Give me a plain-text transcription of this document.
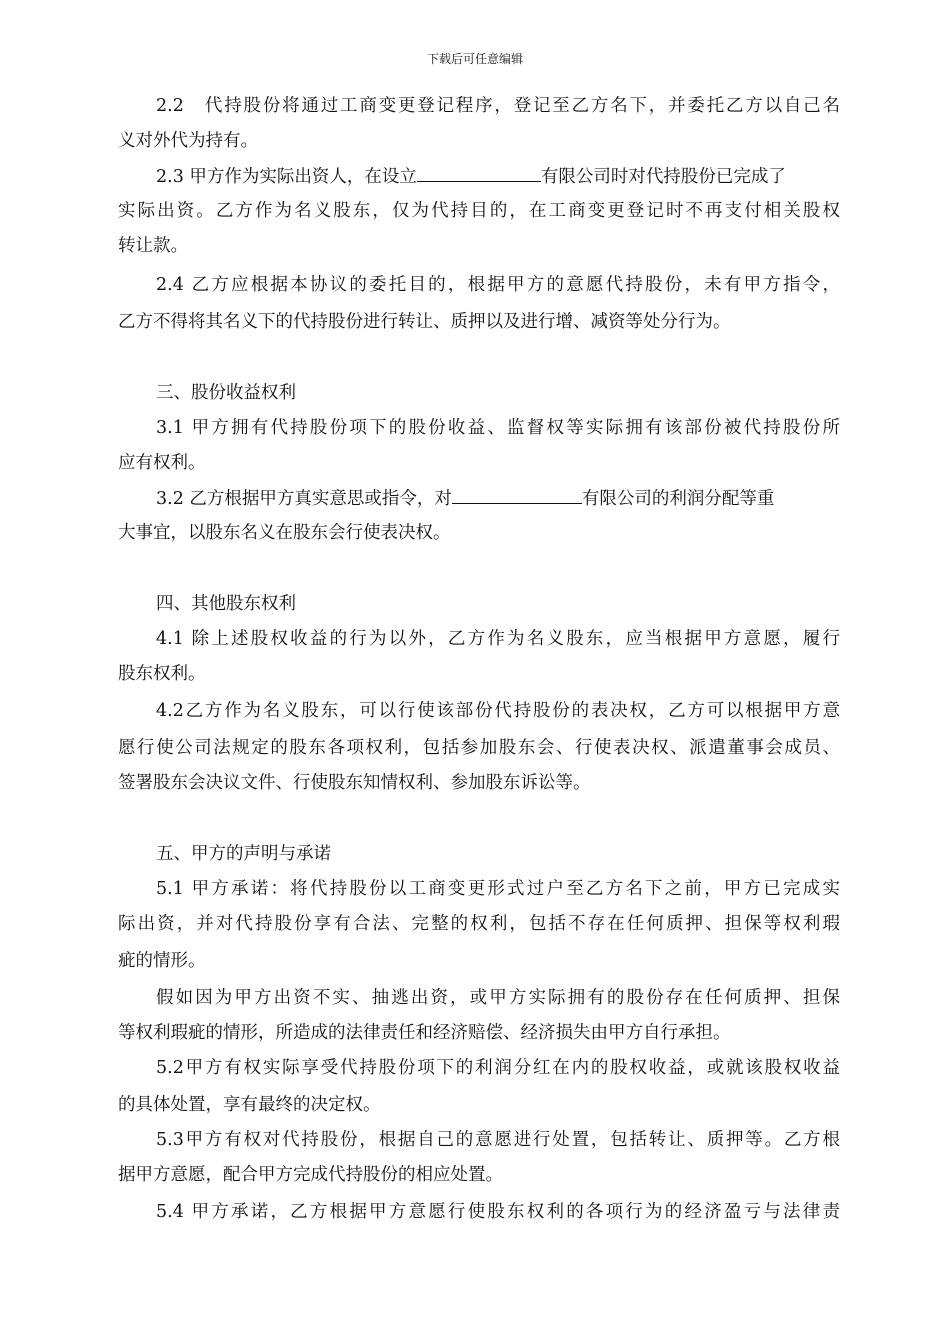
下载后可任意编辑
2.2　代持股份将通过工商变更登记程序，登记至乙方名下，并委托乙方以自己名
义对外代为持有。
2.3 甲方作为实际出资人，在设立	有限公司时对代持股份已完成了
实际出资。乙方作为名义股东，仅为代持目的，在工商变更登记时不再支付相关股权
转让款。
2.4 乙方应根据本协议的委托目的，根据甲方的意愿代持股份，未有甲方指令，
乙方不得将其名义下的代持股份进行转让、质押以及进行增、减资等处分行为。
三、股份收益权利
3.1 甲方拥有代持股份项下的股份收益、监督权等实际拥有该部份被代持股份所
应有权利。
3.2 乙方根据甲方真实意思或指令，对	有限公司的利润分配等重
大事宜，以股东名义在股东会行使表决权。
四、其他股东权利
4.1 除上述股权收益的行为以外，乙方作为名义股东，应当根据甲方意愿，履行
股东权利。
4.2乙方作为名义股东，可以行使该部份代持股份的表决权，乙方可以根据甲方意
愿行使公司法规定的股东各项权利，包括参加股东会、行使表决权、派遣董事会成员、
签署股东会决议文件、行使股东知情权利、参加股东诉讼等。
五、甲方的声明与承诺
5.1 甲方承诺：将代持股份以工商变更形式过户至乙方名下之前，甲方已完成实
际出资，并对代持股份享有合法、完整的权利，包括不存在任何质押、担保等权利瑕
疵的情形。
假如因为甲方出资不实、抽逃出资，或甲方实际拥有的股份存在任何质押、担保
等权利瑕疵的情形，所造成的法律责任和经济赔偿、经济损失由甲方自行承担。
5.2甲方有权实际享受代持股份项下的利润分红在内的股权收益，或就该股权收益
的具体处置，享有最终的决定权。
5.3甲方有权对代持股份，根据自己的意愿进行处置，包括转让、质押等。乙方根
据甲方意愿，配合甲方完成代持股份的相应处置。
5.4 甲方承诺，乙方根据甲方意愿行使股东权利的各项行为的经济盈亏与法律责
